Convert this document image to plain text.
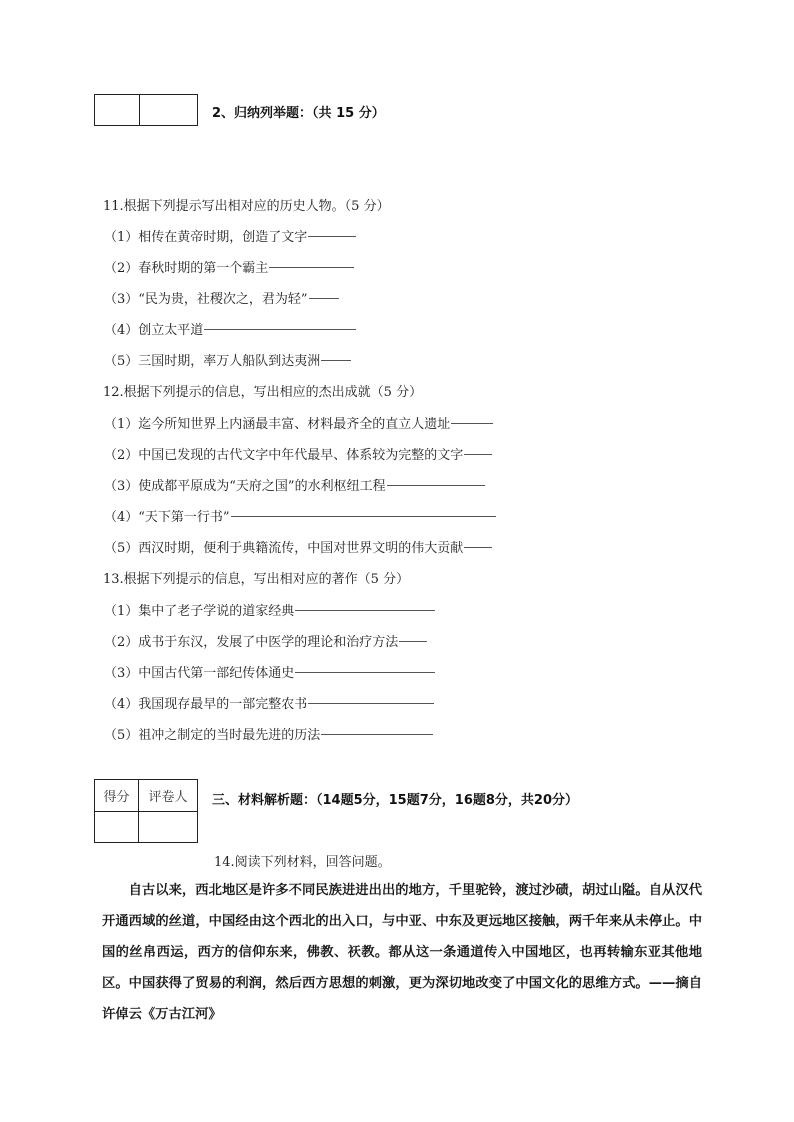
2、归纳列举题：（共 15 分）
11.根据下列提示写出相对应的历史人物。（5 分）
（1）相传在黄帝时期，创造了文字
（2）春秋时期的第一个霸主
（3）“民为贵，社稷次之，君为轻”
（4）创立太平道
（5）三国时期，率万人船队到达夷洲
12.根据下列提示的信息，写出相应的杰出成就（5 分）
（1）迄今所知世界上内涵最丰富、材料最齐全的直立人遗址
（2）中国已发现的古代文字中年代最早、体系较为完整的文字
（3）使成都平原成为“天府之国”的水利枢纽工程
（4）“天下第一行书”
（5）西汉时期，便利于典籍流传，中国对世界文明的伟大贡献
13.根据下列提示的信息，写出相对应的著作（5 分）
（1）集中了老子学说的道家经典
（2）成书于东汉，发展了中医学的理论和治疗方法
（3）中国古代第一部纪传体通史
（4）我国现存最早的一部完整农书
（5）祖冲之制定的当时最先进的历法
得分	评卷人	三、材料解析题：（14题5分，15题7分，16题8分，共20分）
14.阅读下列材料，回答问题。

自古以来，西北地区是许多不同民族进进出出的地方，千里驼铃，渡过沙碛，胡过山隘。自从汉代开通西域的丝道，中国经由这个西北的出入口，与中亚、中东及更远地区接触，两千年来从未停止。中国的丝帛西运，西方的信仰东来，佛教、祆教。都从这一条通道传入中国地区，也再转输东亚其他地区。中国获得了贸易的利润，然后西方思想的刺激，更为深切地改变了中国文化的思维方式。——摘自许倬云《万古江河》
